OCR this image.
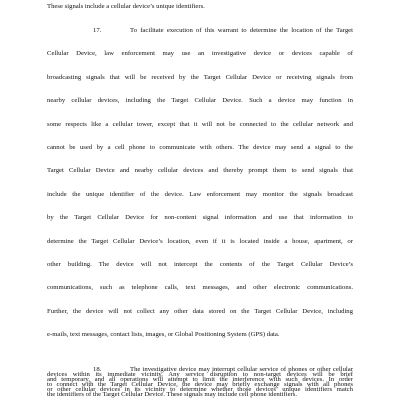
These signals include a cellular device’s unique identifiers.
17.	To facilitate execution of this warrant to determine the location of the Target
Cellular Device, law enforcement may use an investigative device or devices capable of
broadcasting signals that will be received by the Target Cellular Device or receiving signals from
nearby cellular devices, including the Target Cellular Device. Such a device may function in
some respects like a cellular tower, except that it will not be connected to the cellular network and
cannot be used by a cell phone to communicate with others. The device may send a signal to the
Target Cellular Device and nearby cellular devices and thereby prompt them to send signals that
include the unique identifier of the device. Law enforcement may monitor the signals broadcast
by the Target Cellular Device for non-content signal information and use that information to
determine the Target Cellular Device’s location, even if it is located inside a house, apartment, or
other building. The device will not intercept the contents of the Target Cellular Device’s
communications, such as telephone calls, text messages, and other electronic communications.
Further, the device will not collect any other data stored on the Target Cellular Device, including
e-mails, text messages, contact lists, images, or Global Positioning System (GPS) data.
18.	The investigative device may interrupt cellular service of phones or other cellular
devices within its immediate vicinity. Any service disruption to non-target devices will be brief
and temporary, and all operations will attempt to limit the interference with such devices. In order
to connect with the Target Cellular Device, the device may briefly exchange signals with all phones
or other cellular devices in its vicinity to determine whether those devices’ unique identifiers match
the identifiers of the Target Cellular Device. These signals may include cell phone identifiers.
